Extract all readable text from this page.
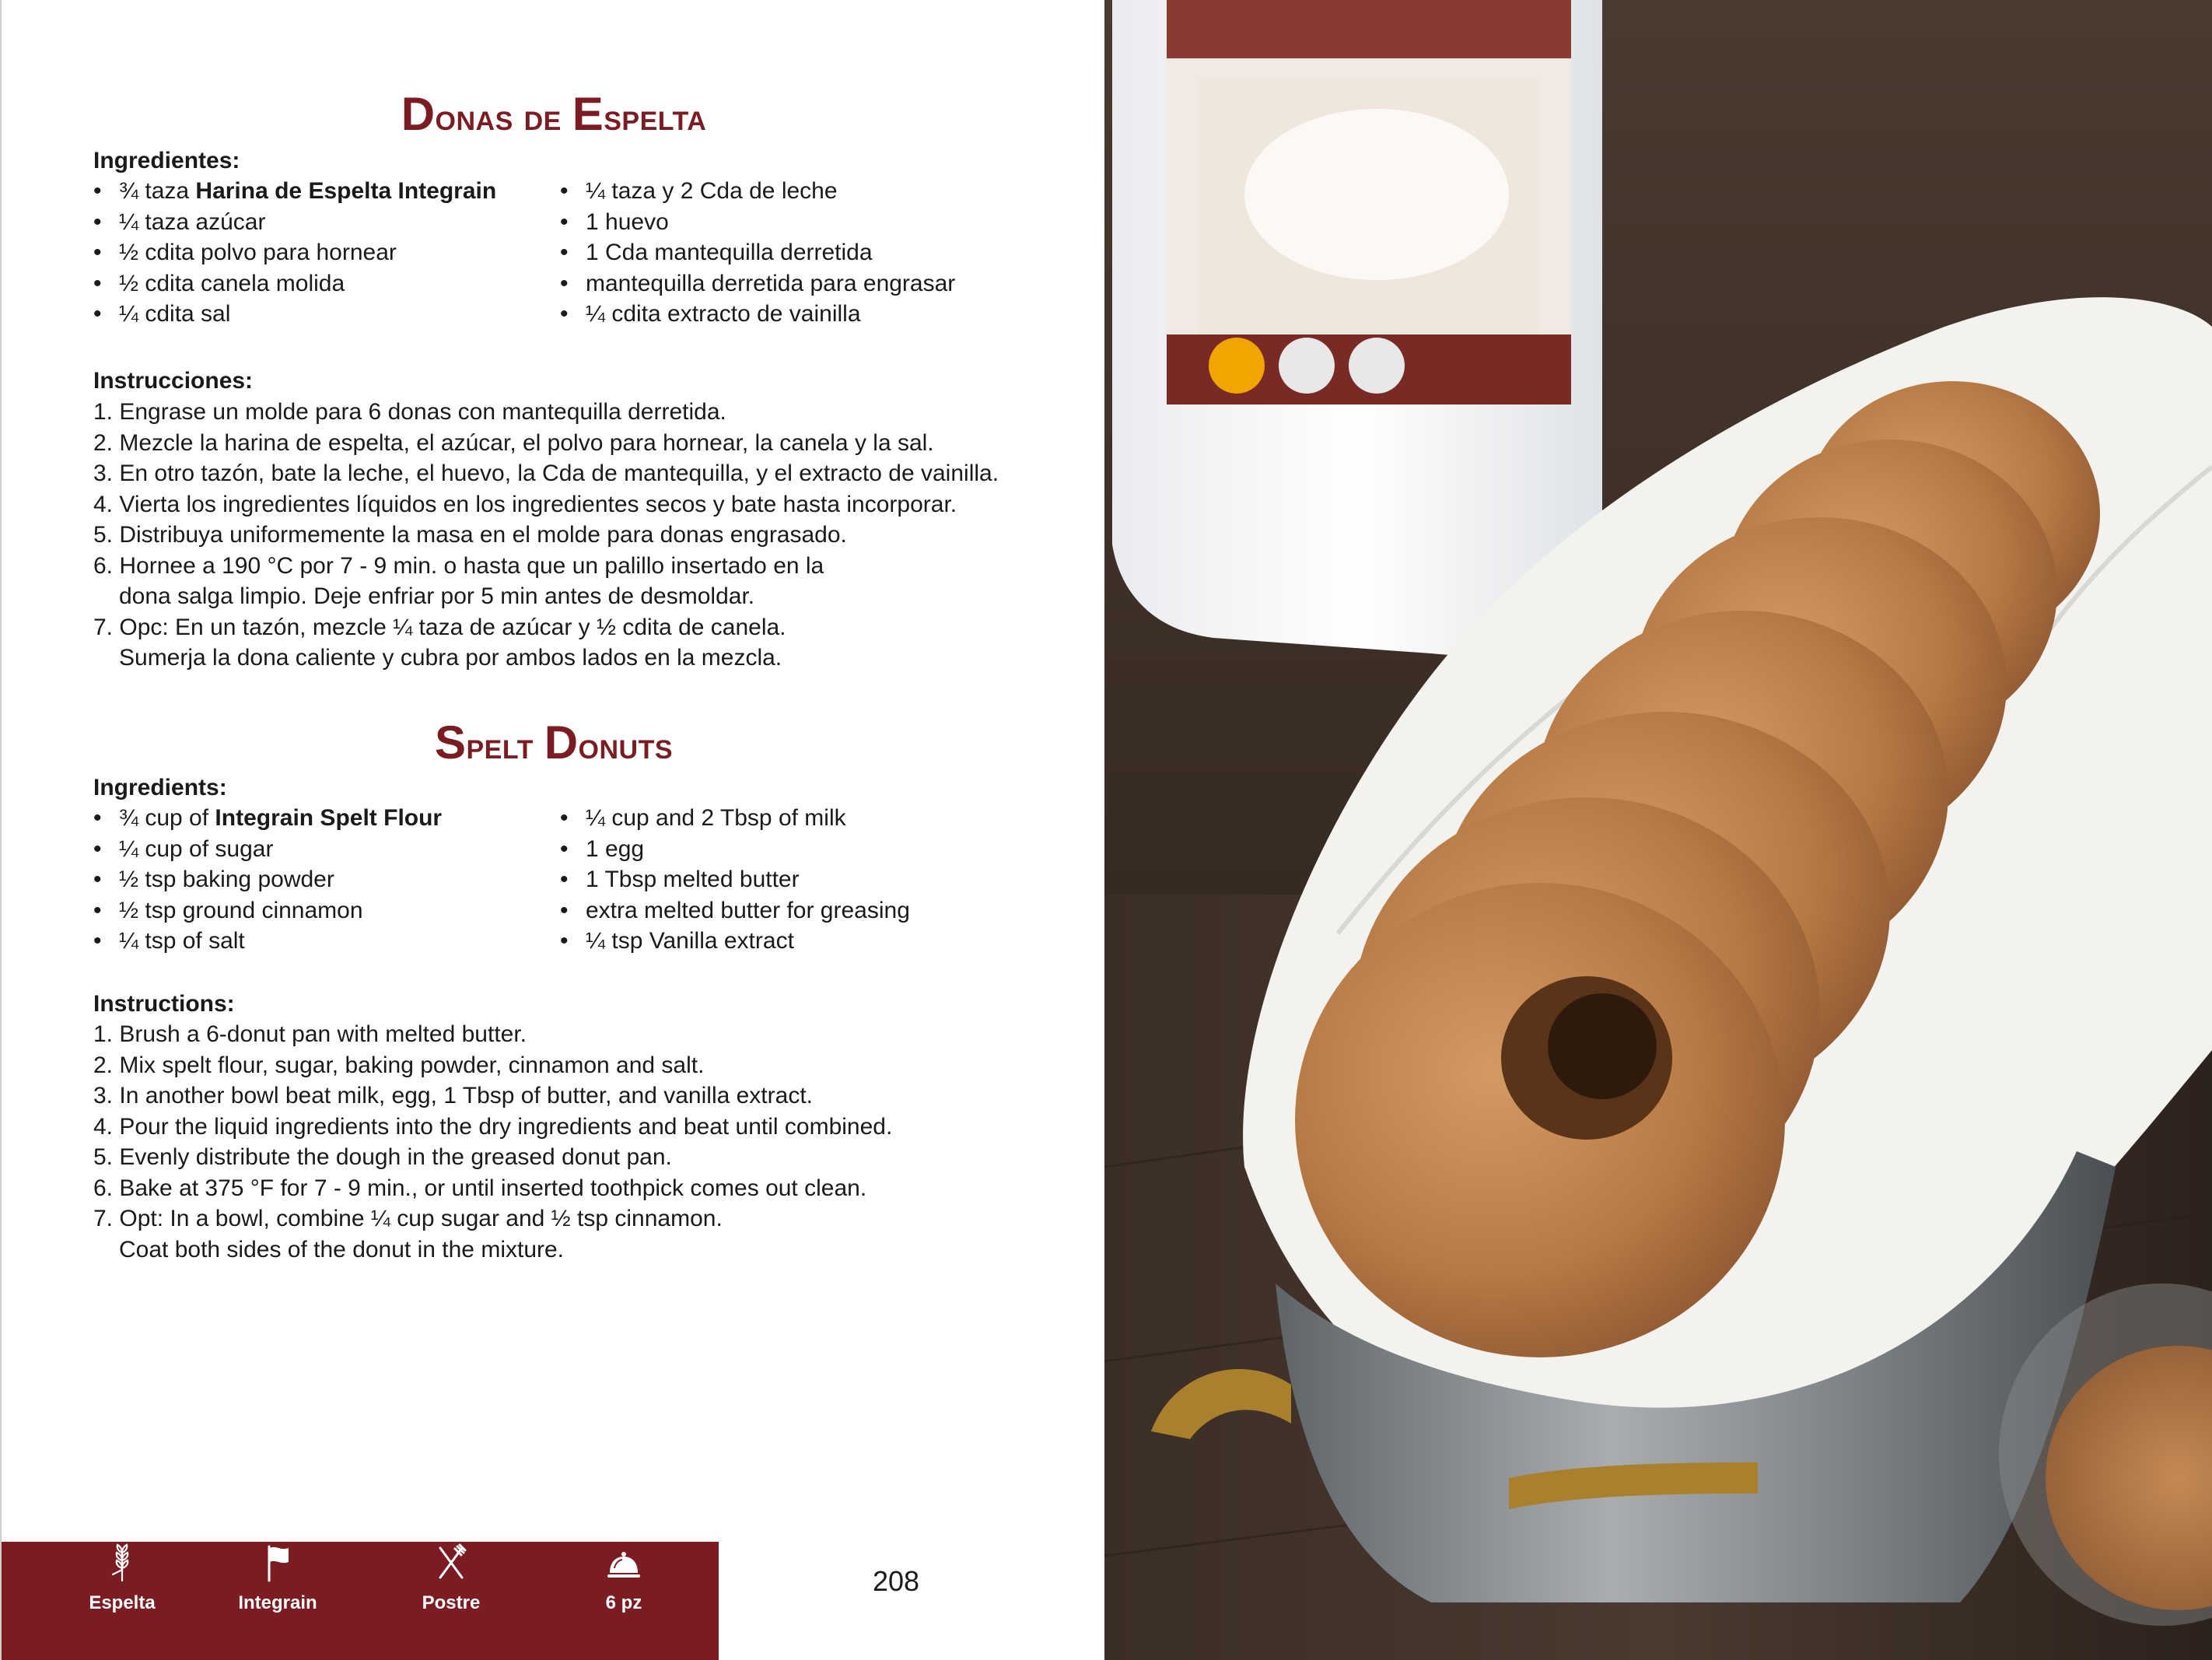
Donas de Espelta

Ingredientes:

• ¾ taza Harina de Espelta Integrain
• ¼ taza azúcar
• ½ cdita polvo para hornear
• ½ cdita canela molida
• ¼ cdita sal
• ¼ taza y 2 Cda de leche
• 1 huevo
• 1 Cda mantequilla derretida
• mantequilla derretida para engrasar
• ¼ cdita extracto de vainilla

Instrucciones:

1. Engrase un molde para 6 donas con mantequilla derretida.
2. Mezcle la harina de espelta, el azúcar, el polvo para hornear, la canela y la sal.
3. En otro tazón, bate la leche, el huevo, la Cda de mantequilla, y el extracto de vainilla.
4. Vierta los ingredientes líquidos en los ingredientes secos y bate hasta incorporar.
5. Distribuya uniformemente la masa en el molde para donas engrasado.
6. Hornee a 190 °C por 7 - 9 min. o hasta que un palillo insertado en la
dona salga limpio. Deje enfriar por 5 min antes de desmoldar.
7. Opc: En un tazón, mezcle ¼ taza de azúcar y ½ cdita de canela.
Sumerja la dona caliente y cubra por ambos lados en la mezcla.
Spelt Donuts

Ingredients:

• ¾ cup of Integrain Spelt Flour
• ¼ cup of sugar
• ½ tsp baking powder
• ½ tsp ground cinnamon
• ¼ tsp of salt
• ¼ cup and 2 Tbsp of milk
• 1 egg
• 1 Tbsp melted butter
• extra melted butter for greasing
• ¼ tsp Vanilla extract

Instructions:

1. Brush a 6-donut pan with melted butter.
2. Mix spelt flour, sugar, baking powder, cinnamon and salt.
3. In another bowl beat milk, egg, 1 Tbsp of butter, and vanilla extract.
4. Pour the liquid ingredients into the dry ingredients and beat until combined.
5. Evenly distribute the dough in the greased donut pan.
6. Bake at 375 °F for 7 - 9 min., or until inserted toothpick comes out clean.
7. Opt: In a bowl, combine ¼ cup sugar and ½ tsp cinnamon.
Coat both sides of the donut in the mixture.
Espelta	Integrain	Postre	6 pz

208
